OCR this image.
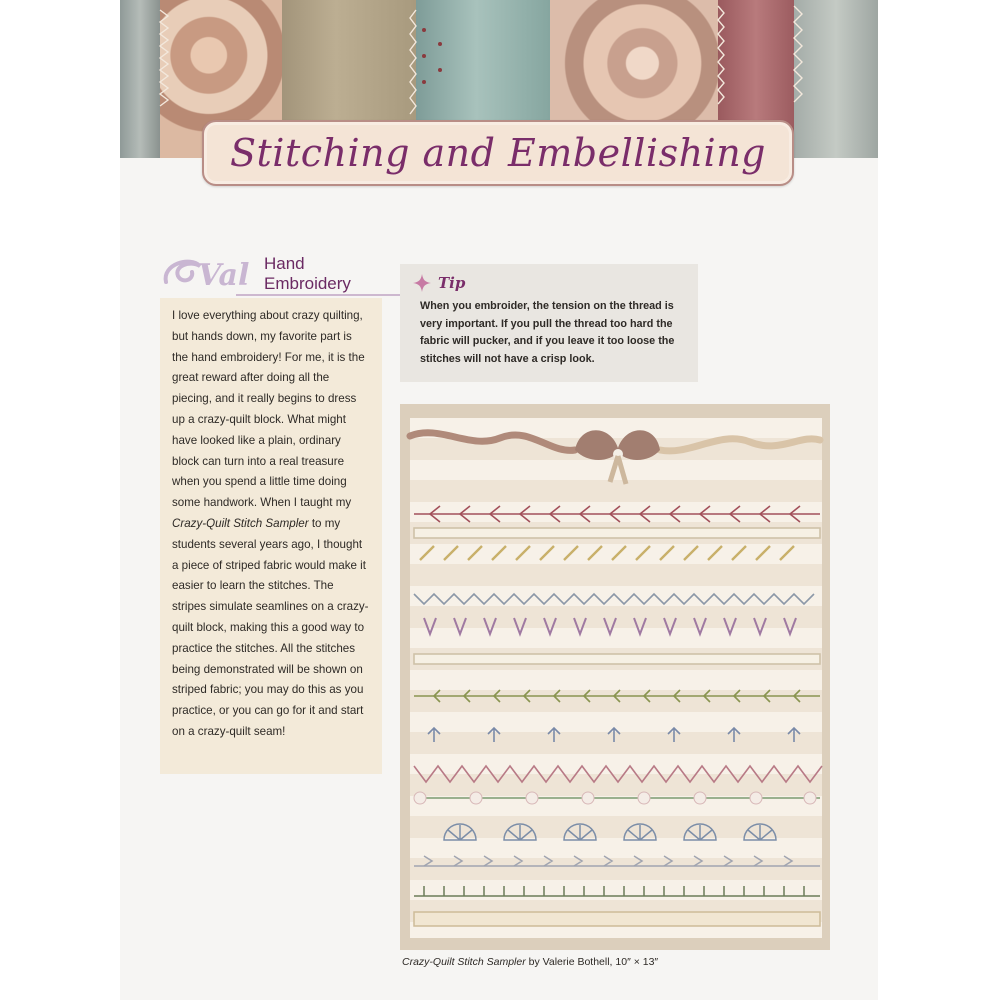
Stitching and Embellishing
Val Hand
Embroidery

I love everything about crazy quilting, but hands down, my favorite part is the hand embroidery! For me, it is the great reward after doing all the piecing, and it really begins to dress up a crazy-quilt block. What might have looked like a plain, ordinary block can turn into a real treasure when you spend a little time doing some handwork. When I taught my Crazy-Quilt Stitch Sampler to my students several years ago, I thought a piece of striped fabric would make it easier to learn the stitches. The stripes simulate seamlines on a crazy-quilt block, making this a good way to practice the stitches. All the stitches being demonstrated will be shown on striped fabric; you may do this as you practice, or you can go for it and start on a crazy-quilt seam!

Tip

When you embroider, the tension on the thread is very important. If you pull the thread too hard the fabric will pucker, and if you leave it too loose the stitches will not have a crisp look.

Crazy-Quilt Stitch Sampler by Valerie Bothell, 10″ × 13″
